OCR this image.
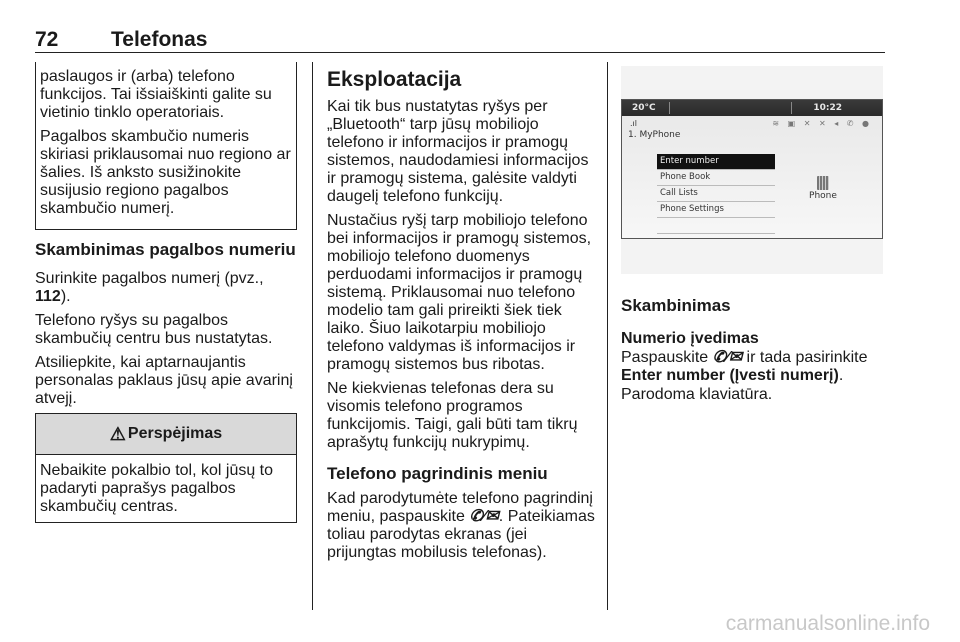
72	Telefonas

paslaugos ir (arba) telefono funkcijos. Tai išsiaiškinti galite su vietinio tinklo operatoriais.

Pagalbos skambučio numeris skiriasi priklausomai nuo regiono ar šalies. Iš anksto susižinokite susijusio regiono pagalbos skambučio numerį.

Skambinimas pagalbos numeriu

Surinkite pagalbos numerį (pvz., 112).

Telefono ryšys su pagalbos skambučių centru bus nustatytas.

Atsiliepkite, kai aptarnaujantis personalas paklaus jūsų apie avarinį atvejį.

⚠ Perspėjimas

Nebaikite pokalbio tol, kol jūsų to padaryti paprašys pagalbos skambučių centras.

Eksploatacija

Kai tik bus nustatytas ryšys per „Bluetooth“ tarp jūsų mobiliojo telefono ir informacijos ir pramogų sistemos, naudodamiesi informacijos ir pramogų sistema, galėsite valdyti daugelį telefono funkcijų.

Nustačius ryšį tarp mobiliojo telefono bei informacijos ir pramogų sistemos, mobiliojo telefono duomenys perduodami informacijos ir pramogų sistemą. Priklausomai nuo telefono modelio tam gali prireikti šiek tiek laiko. Šiuo laikotarpiu mobiliojo telefono valdymas iš informacijos ir pramogų sistemos bus ribotas.

Ne kiekvienas telefonas dera su visomis telefono programos funkcijomis. Taigi, gali būti tam tikrų aprašytų funkcijų nukrypimų.

Telefono pagrindinis meniu

Kad parodytumėte telefono pagrindinį meniu, paspauskite ✆⁄✉. Pateikiamas toliau parodytas ekranas (jei prijungtas mobilusis telefonas).

20°C	10:22
.ıl	≋ ▣ ✕ ✕ ◂ ✆ ●
1. MyPhone
Enter number
Phone Book
Call Lists
Phone Settings
Phone

Skambinimas

Numerio įvedimas

Paspauskite ✆⁄✉ ir tada pasirinkite Enter number (Įvesti numerį).

Parodoma klaviatūra.

carmanualsonline.info
